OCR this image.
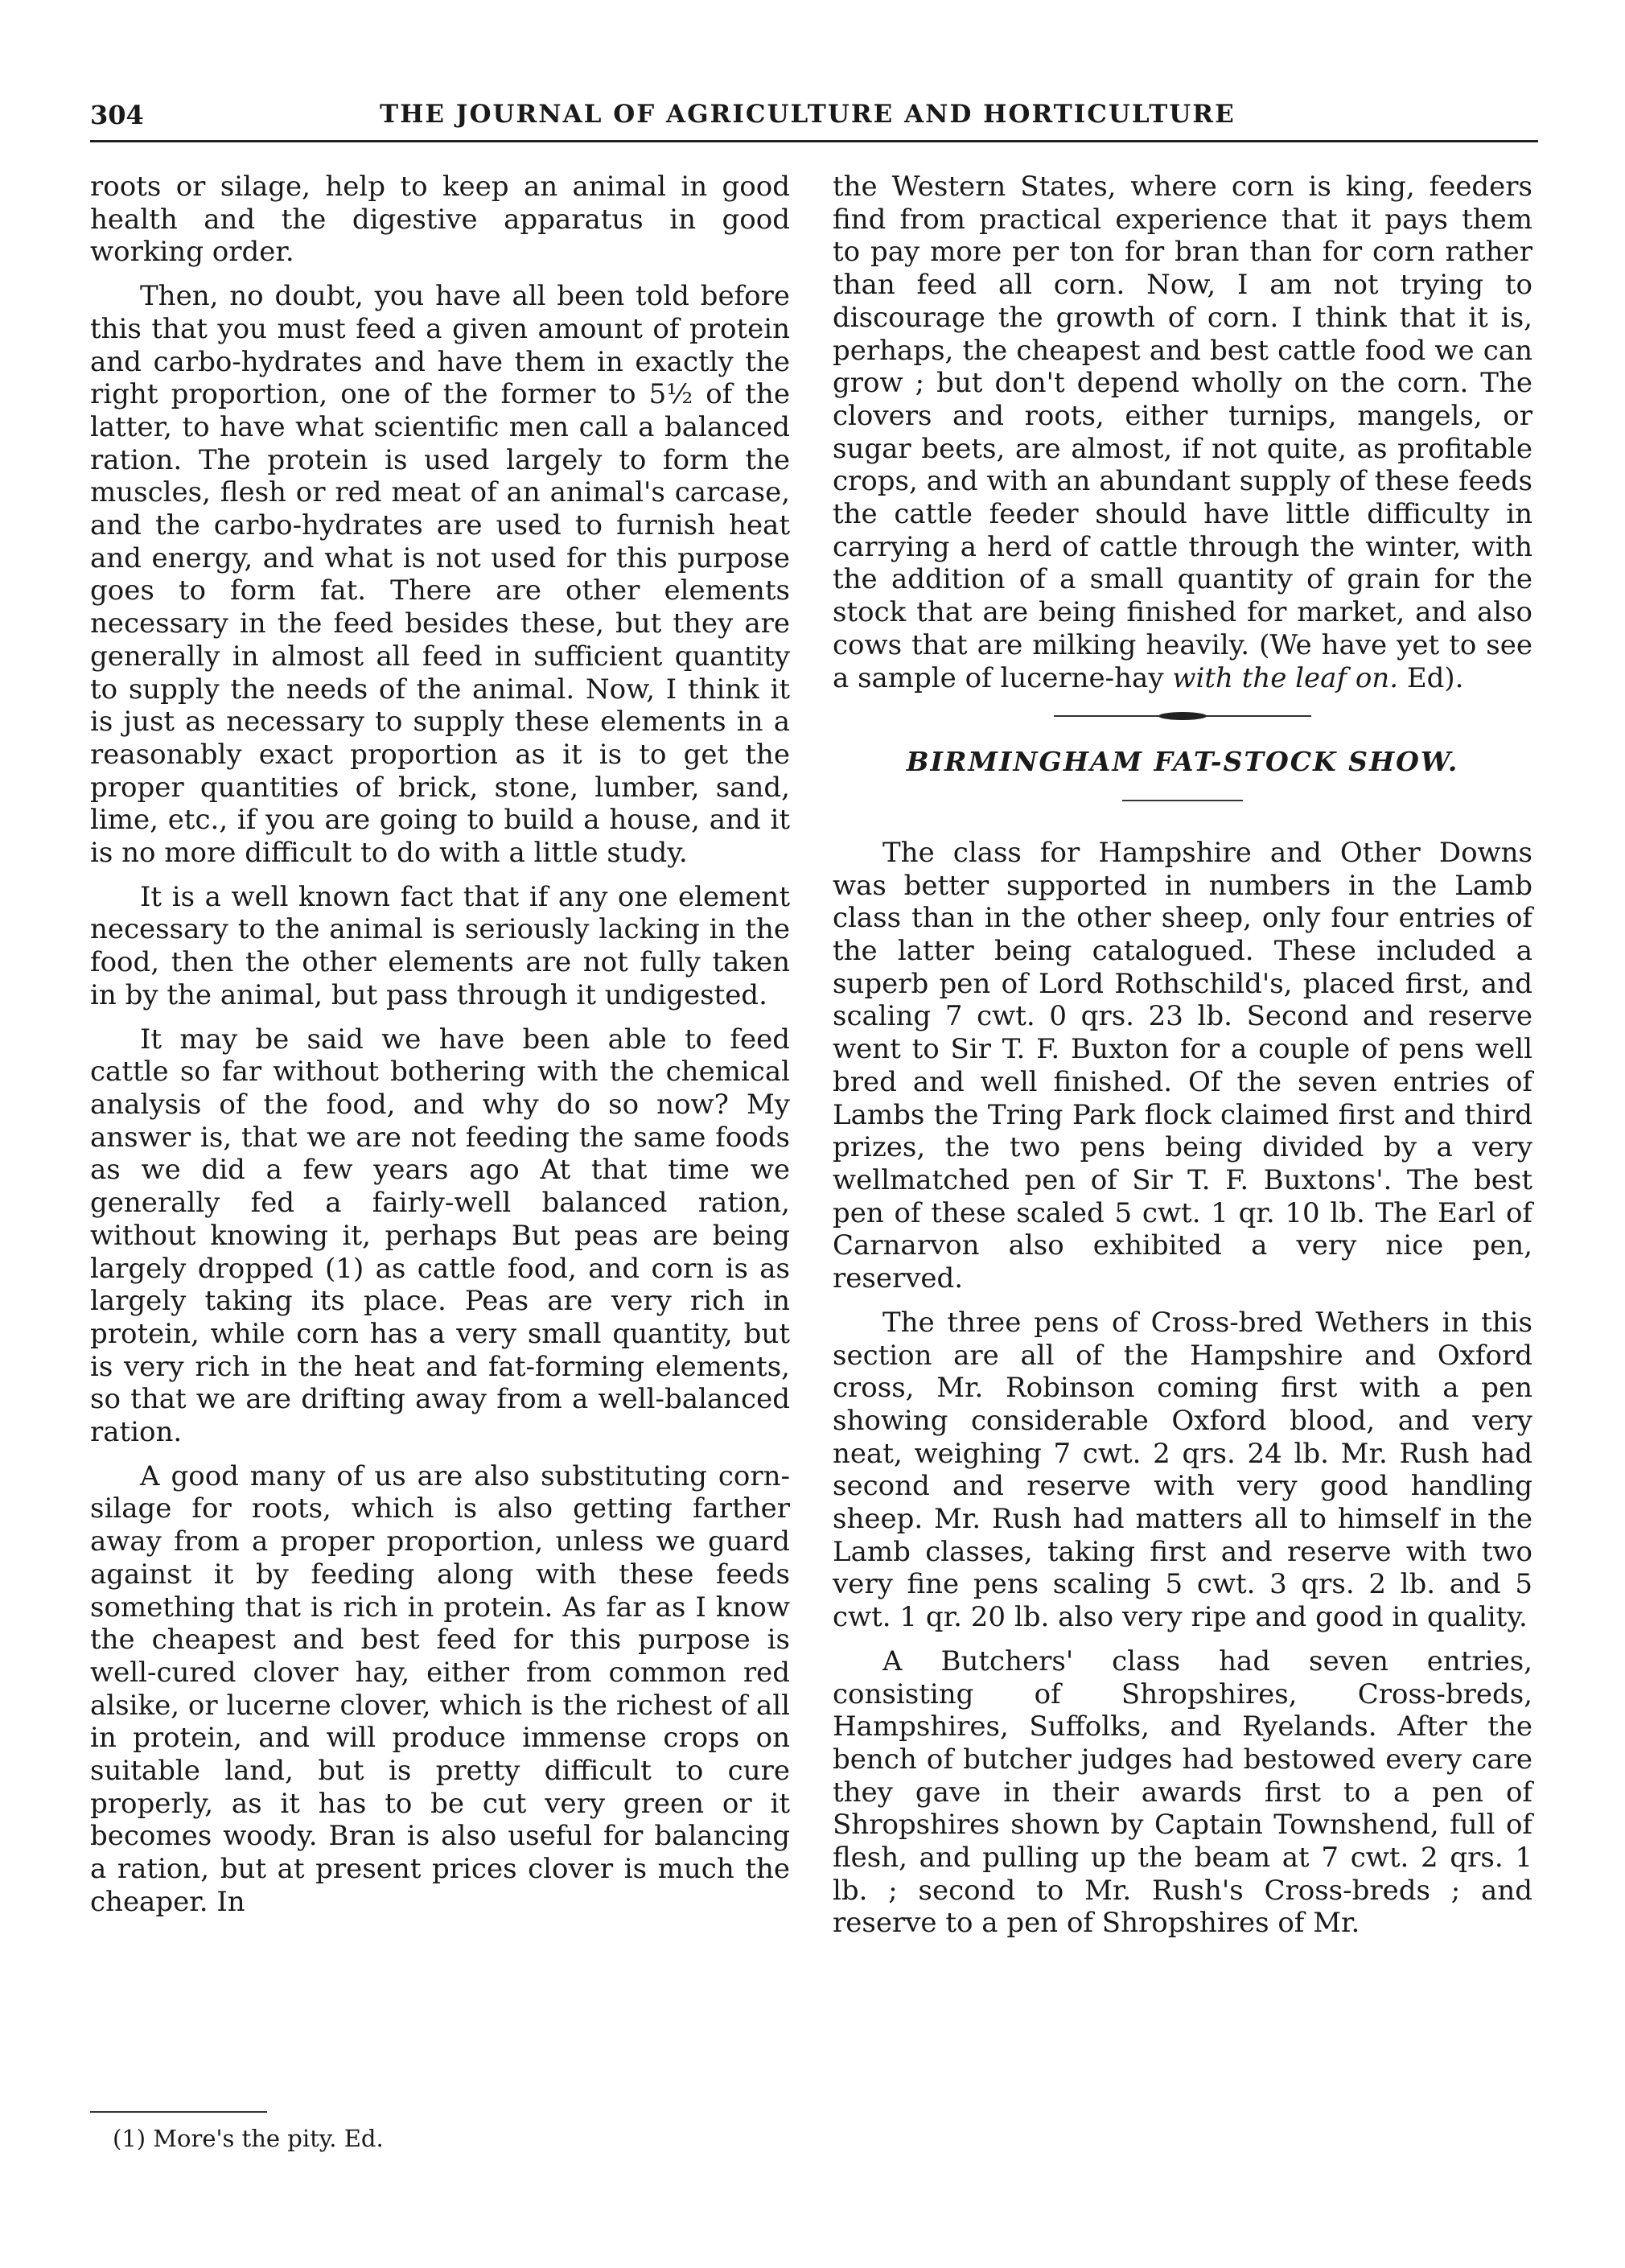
304	THE JOURNAL OF AGRICULTURE AND HORTICULTURE

roots or silage, help to keep an animal in good health and the digestive apparatus in good working order.

Then, no doubt, you have all been told before this that you must feed a given amount of protein and carbo-hydrates and have them in exactly the right proportion, one of the former to 5½ of the latter, to have what scientific men call a balanced ration. The protein is used largely to form the muscles, flesh or red meat of an animal's carcase, and the carbo-hydrates are used to furnish heat and energy, and what is not used for this purpose goes to form fat. There are other elements necessary in the feed besides these, but they are generally in almost all feed in sufficient quantity to supply the needs of the animal. Now, I think it is just as necessary to supply these elements in a reasonably exact proportion as it is to get the proper quantities of brick, stone, lumber, sand, lime, etc., if you are going to build a house, and it is no more difficult to do with a little study.

It is a well known fact that if any one element necessary to the animal is seriously lacking in the food, then the other elements are not fully taken in by the animal, but pass through it undigested.

It may be said we have been able to feed cattle so far without bothering with the chemical analysis of the food, and why do so now? My answer is, that we are not feeding the same foods as we did a few years ago At that time we generally fed a fairly-well balanced ration, without knowing it, perhaps But peas are being largely dropped (1) as cattle food, and corn is as largely taking its place. Peas are very rich in protein, while corn has a very small quantity, but is very rich in the heat and fat-forming elements, so that we are drifting away from a well-balanced ration.

A good many of us are also substituting corn-silage for roots, which is also getting farther away from a proper proportion, unless we guard against it by feeding along with these feeds something that is rich in protein. As far as I know the cheapest and best feed for this purpose is well-cured clover hay, either from common red alsike, or lucerne clover, which is the richest of all in protein, and will produce immense crops on suitable land, but is pretty difficult to cure properly, as it has to be cut very green or it becomes woody. Bran is also useful for balancing a ration, but at present prices clover is much the cheaper. In

(1) More's the pity. Ed.

the Western States, where corn is king, feeders find from practical experience that it pays them to pay more per ton for bran than for corn rather than feed all corn. Now, I am not trying to discourage the growth of corn. I think that it is, perhaps, the cheapest and best cattle food we can grow ; but don't depend wholly on the corn. The clovers and roots, either turnips, mangels, or sugar beets, are almost, if not quite, as profitable crops, and with an abundant supply of these feeds the cattle feeder should have little difficulty in carrying a herd of cattle through the winter, with the addition of a small quantity of grain for the stock that are being finished for market, and also cows that are milking heavily. (We have yet to see a sample of lucerne-hay with the leaf on. Ed).

BIRMINGHAM FAT-STOCK SHOW.

The class for Hampshire and Other Downs was better supported in numbers in the Lamb class than in the other sheep, only four entries of the latter being catalogued. These included a superb pen of Lord Rothschild's, placed first, and scaling 7 cwt. 0 qrs. 23 lb. Second and reserve went to Sir T. F. Buxton for a couple of pens well bred and well finished. Of the seven entries of Lambs the Tring Park flock claimed first and third prizes, the two pens being divided by a very wellmatched pen of Sir T. F. Buxtons'. The best pen of these scaled 5 cwt. 1 qr. 10 lb. The Earl of Carnarvon also exhibited a very nice pen, reserved.

The three pens of Cross-bred Wethers in this section are all of the Hampshire and Oxford cross, Mr. Robinson coming first with a pen showing considerable Oxford blood, and very neat, weighing 7 cwt. 2 qrs. 24 lb. Mr. Rush had second and reserve with very good handling sheep. Mr. Rush had matters all to himself in the Lamb classes, taking first and reserve with two very fine pens scaling 5 cwt. 3 qrs. 2 lb. and 5 cwt. 1 qr. 20 lb. also very ripe and good in quality.

A Butchers' class had seven entries, consisting of Shropshires, Cross-breds, Hampshires, Suffolks, and Ryelands. After the bench of butcher judges had bestowed every care they gave in their awards first to a pen of Shropshires shown by Captain Townshend, full of flesh, and pulling up the beam at 7 cwt. 2 qrs. 1 lb. ; second to Mr. Rush's Cross-breds ; and reserve to a pen of Shropshires of Mr.
